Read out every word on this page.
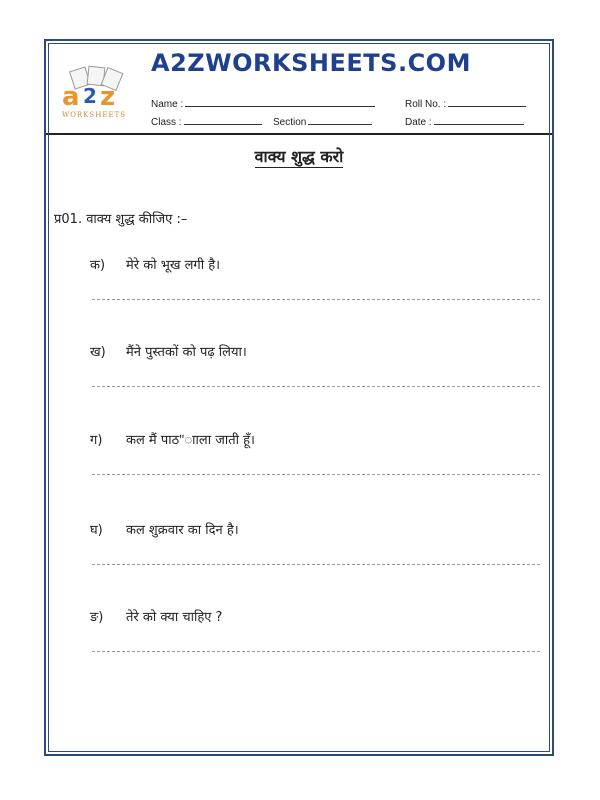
a 2 z
WORKSHEETS
A2ZWORKSHEETS.COM
Name :	Roll No. :
Class :	Section	Date :
वाक्य शुद्ध करो
प्र01. वाक्य शुद्ध कीजिए :–
क) मेरे को भूख लगी है।
ख) मैंने पुस्तकों को पढ़ लिया।
ग) कल मैं पाठ"ााला जाती हूँ।
घ) कल शुक्रवार का दिन है।
ङ) तेरे को क्या चाहिए ?
